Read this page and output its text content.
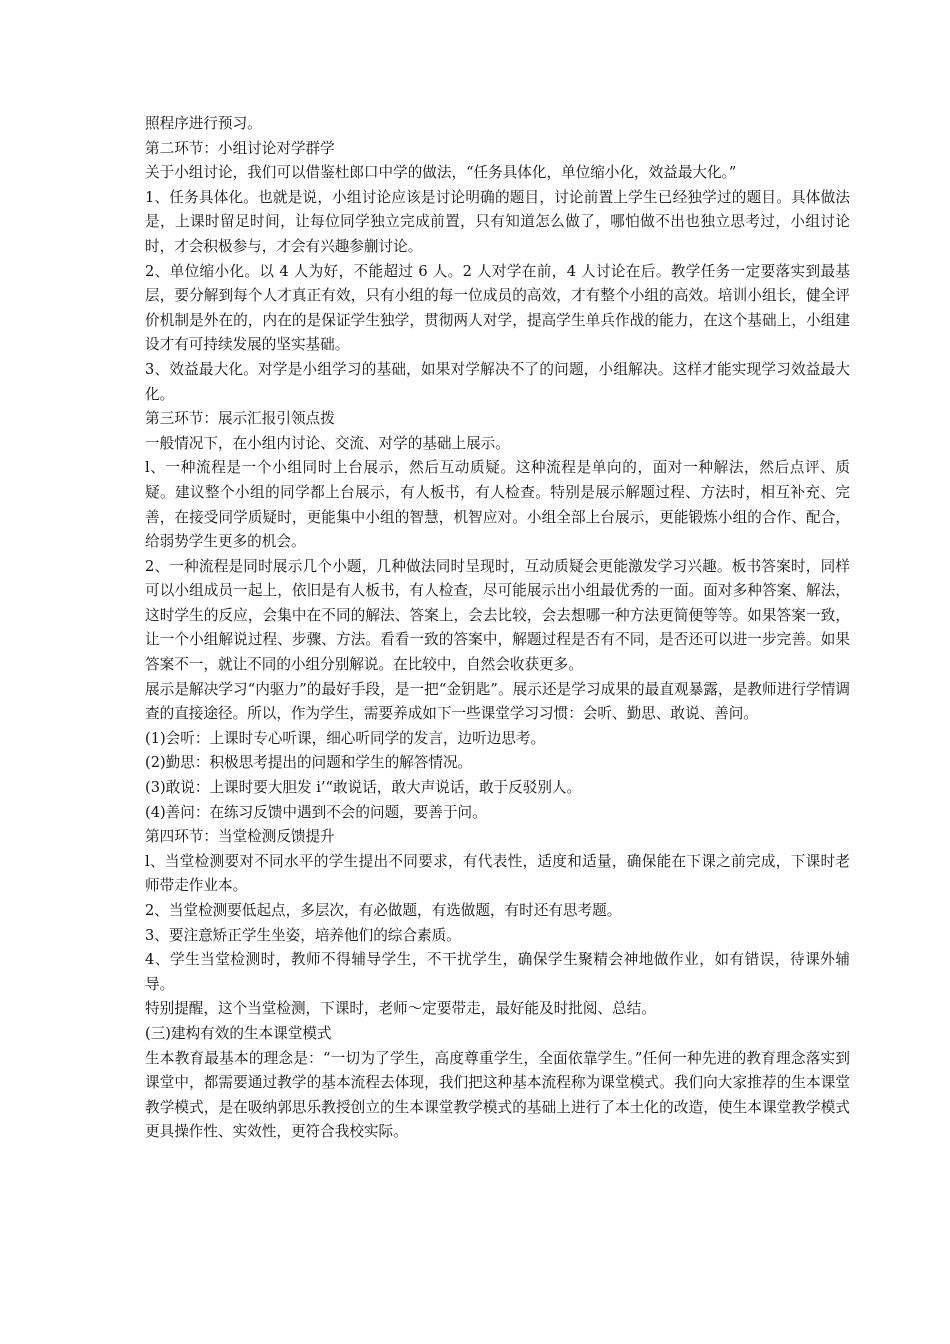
照程序进行预习。

第二环节：小组讨论对学群学

关于小组讨论，我们可以借鉴杜郎口中学的做法，“任务具体化，单位缩小化，效益最大化。”

1、任务具体化。也就是说，小组讨论应该是讨论明确的题目，讨论前置上学生已经独学过的题目。具体做法是，上课时留足时间，让每位同学独立完成前置，只有知道怎么做了，哪怕做不出也独立思考过，小组讨论时，才会积极参与，才会有兴趣参蒯讨论。

2、单位缩小化。以 4 人为好，不能超过 6 人。2 人对学在前，4 人讨论在后。教学任务一定要落实到最基层，要分解到每个人才真正有效，只有小组的每一位成员的高效，才有整个小组的高效。培训小组长，健全评价机制是外在的，内在的是保证学生独学，贯彻两人对学，提高学生单兵作战的能力，在这个基础上，小组建设才有可持续发展的坚实基础。

3、效益最大化。对学是小组学习的基础，如果对学解决不了的问题，小组解决。这样才能实现学习效益最大化。

第三环节：展示汇报引领点拨

一般情况下，在小组内讨论、交流、对学的基础上展示。

l、一种流程是一个小组同时上台展示，然后互动质疑。这种流程是单向的，面对一种解法，然后点评、质疑。建议整个小组的同学都上台展示，有人板书，有人检查。特别是展示解题过程、方法时，相互补充、完善，在接受同学质疑时，更能集中小组的智慧，机智应对。小组全部上台展示，更能锻炼小组的合作、配合，给弱势学生更多的机会。

2、一种流程是同时展示几个小题，几种做法同时呈现时，互动质疑会更能激发学习兴趣。板书答案时，同样可以小组成员一起上，依旧是有人板书，有人检查，尽可能展示出小组最优秀的一面。面对多种答案、解法，这时学生的反应，会集中在不同的解法、答案上，会去比较，会去想哪一种方法更简便等等。如果答案一致，让一个小组解说过程、步骤、方法。看看一致的答案中，解题过程是否有不同，是否还可以进一步完善。如果答案不一，就让不同的小组分别解说。在比较中，自然会收获更多。

展示是解决学习“内驱力”的最好手段，是一把“金钥匙”。展示还是学习成果的最直观暴露，是教师进行学情调查的直接途径。所以，作为学生，需要养成如下一些课堂学习习惯：会听、勤思、敢说、善问。

(1)会听：上课时专心听课，细心听同学的发言，边听边思考。

(2)勤思：积极思考提出的问题和学生的解答情况。

(3)敢说：上课时要大胆发 i’“敢说话，敢大声说话，敢于反驳别人。

(4)善问：在练习反馈中遇到不会的问题，要善于问。

第四环节：当堂检测反馈提升

l、当堂检测要对不同水平的学生提出不同要求，有代表性，适度和适量，确保能在下课之前完成，下课时老师带走作业本。

2、当堂检测要低起点，多层次，有必做题，有选做题，有时还有思考题。

3、要注意矫正学生坐姿，培养他们的综合素质。

4、学生当堂检测时，教师不得辅导学生，不干扰学生，确保学生聚精会神地做作业，如有错误，待课外辅导。

特别提醒，这个当堂检测，下课时，老师～定要带走，最好能及时批阅、总结。

(三)建构有效的生本课堂模式

生本教育最基本的理念是：“一切为了学生，高度尊重学生，全面依靠学生。”任何一种先进的教育理念落实到课堂中，都需要通过教学的基本流程去体现，我们把这种基本流程称为课堂模式。我们向大家推荐的生本课堂教学模式，是在吸纳郭思乐教授创立的生本课堂教学模式的基础上进行了本土化的改造，使生本课堂教学模式更具操作性、实效性，更符合我校实际。
